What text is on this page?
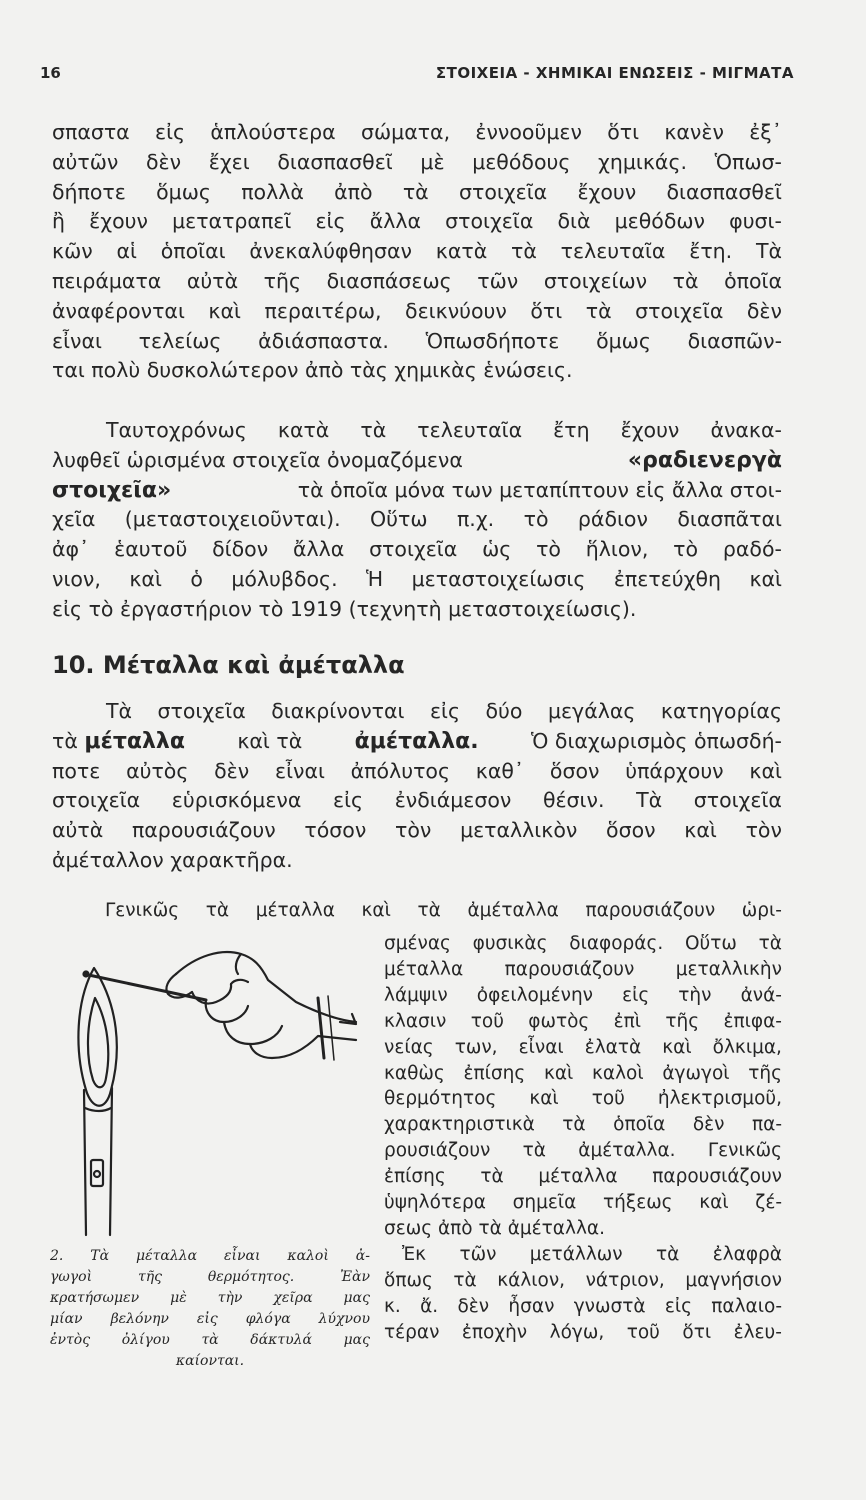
16	ΣΤΟΙΧΕΙΑ - ΧΗΜΙΚΑΙ ΕΝΩΣΕΙΣ - ΜΙΓΜΑΤΑ
σπαστα εἰς ἁπλούστερα σώματα, ἐννοοῦμεν ὅτι κανὲν ἐξ᾽
αὐτῶν δὲν ἔχει διασπασθεῖ μὲ μεθόδους χημικάς. Ὁπωσ-
δήποτε ὅμως πολλὰ ἀπὸ τὰ στοιχεῖα ἔχουν διασπασθεῖ
ἢ ἔχουν μετατραπεῖ εἰς ἄλλα στοιχεῖα διὰ μεθόδων φυσι-
κῶν αἱ ὁποῖαι ἀνεκαλύφθησαν κατὰ τὰ τελευταῖα ἔτη. Τὰ
πειράματα αὐτὰ τῆς διασπάσεως τῶν στοιχείων τὰ ὁποῖα
ἀναφέρονται καὶ περαιτέρω, δεικνύουν ὅτι τὰ στοιχεῖα δὲν
εἶναι τελείως ἀδιάσπαστα. Ὁπωσδήποτε ὅμως διασπῶν-
ται πολὺ δυσκολώτερον ἀπὸ τὰς χημικὰς ἑνώσεις.
Ταυτοχρόνως κατὰ τὰ τελευταῖα ἔτη ἔχουν ἀνακα-
λυφθεῖ ὡρισμένα στοιχεῖα ὀνομαζόμενα	«ραδιενεργὰ
στοιχεῖα»	τὰ ὁποῖα μόνα των μεταπίπτουν εἰς ἄλλα στοι-
χεῖα (μεταστοιχειοῦνται). Οὕτω π.χ. τὸ ράδιον διασπᾶται
ἀφ᾽ ἑαυτοῦ δίδον ἄλλα στοιχεῖα ὡς τὸ ἥλιον, τὸ ραδό-
νιον, καὶ ὁ μόλυβδος. Ἡ μεταστοιχείωσις ἐπετεύχθη καὶ
εἰς τὸ ἐργαστήριον τὸ 1919 (τεχνητὴ μεταστοιχείωσις).
10. Μέταλλα καὶ ἀμέταλλα
Τὰ στοιχεῖα διακρίνονται εἰς δύο μεγάλας κατηγορίας
τὰ μέταλλα	καὶ τὰ ἀμέταλλα.	Ὁ διαχωρισμὸς ὁπωσδή-
ποτε αὐτὸς δὲν εἶναι ἀπόλυτος καθ᾽ ὅσον ὑπάρχουν καὶ
στοιχεῖα εὑρισκόμενα εἰς ἐνδιάμεσον θέσιν. Τὰ στοιχεῖα
αὐτὰ παρουσιάζουν τόσον τὸν μεταλλικὸν ὅσον καὶ τὸν
ἀμέταλλον χαρακτῆρα.
Γενικῶς τὰ μέταλλα καὶ τὰ ἀμέταλλα παρουσιάζουν ὡρι-
2. Τὰ μέταλλα εἶναι καλοὶ ἀ-
γωγοὶ	τῆς	θερμότητος.	Ἐὰν
κρατήσωμεν μὲ τὴν χεῖρα μας
μίαν βελόνην εἰς φλόγα λύχνου
ἐντὸς ὀλίγου τὰ δάκτυλά μας
καίονται.
σμένας φυσικὰς διαφοράς. Οὕτω τὰ
μέταλλα παρουσιάζουν μεταλλικὴν
λάμψιν ὀφειλομένην εἰς τὴν ἀνά-
κλασιν τοῦ φωτὸς ἐπὶ τῆς ἐπιφα-
νείας των, εἶναι ἐλατὰ καὶ ὄλκιμα,
καθὼς ἐπίσης καὶ καλοὶ ἀγωγοὶ τῆς
θερμότητος καὶ τοῦ ἠλεκτρισμοῦ,
χαρακτηριστικὰ τὰ ὁποῖα δὲν πα-
ρουσιάζουν τὰ ἀμέταλλα. Γενικῶς
ἐπίσης τὰ μέταλλα παρουσιάζουν
ὑψηλότερα σημεῖα τήξεως καὶ ζέ-
σεως ἀπὸ τὰ ἀμέταλλα.
Ἐκ τῶν μετάλλων τὰ ἐλαφρὰ
ὅπως τὰ κάλιον, νάτριον, μαγνήσιον
κ. ἄ. δὲν ἦσαν γνωστὰ εἰς παλαιο-
τέραν ἐποχὴν λόγω, τοῦ ὅτι ἐλευ-
